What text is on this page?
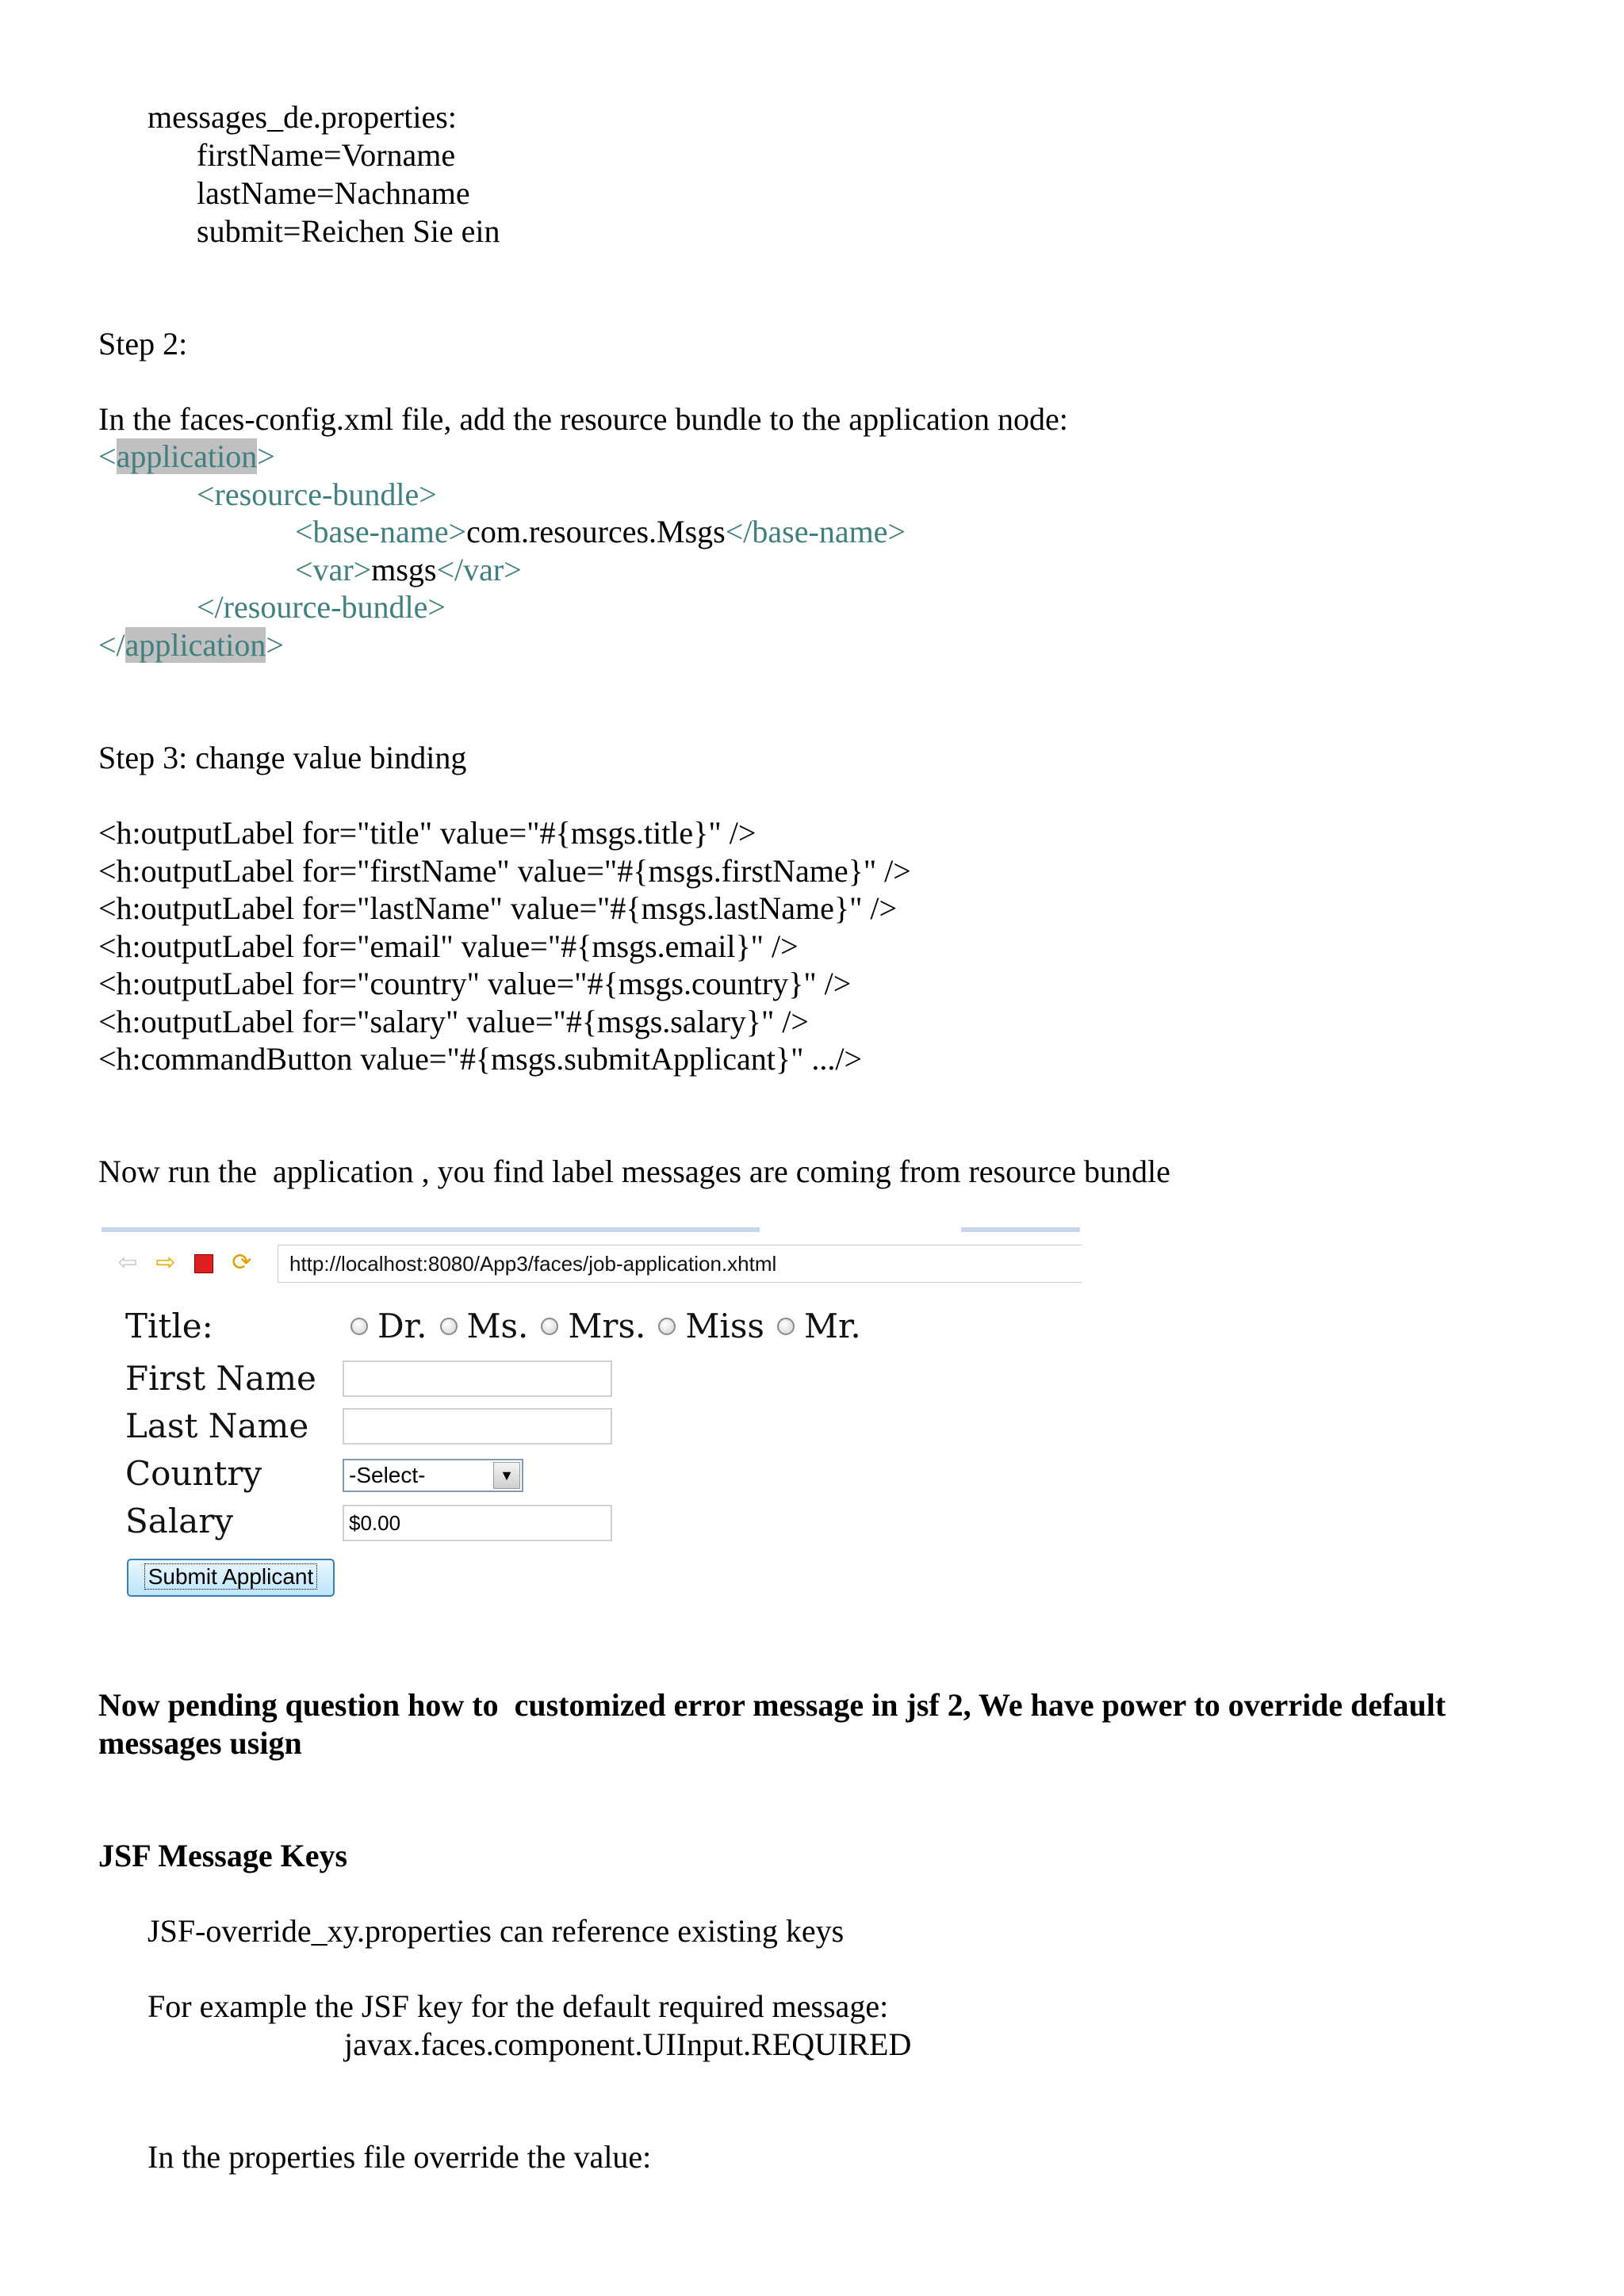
messages_de.properties:
firstName=Vorname
lastName=Nachname
submit=Reichen Sie ein
Step 2:
In the faces-config.xml file, add the resource bundle to the application node:
<application>
<resource-bundle>
<base-name>com.resources.Msgs</base-name>
<var>msgs</var>
</resource-bundle>
</application>
Step 3: change value binding
<h:outputLabel for="title" value="#{msgs.title}" />
<h:outputLabel for="firstName" value="#{msgs.firstName}" />
<h:outputLabel for="lastName" value="#{msgs.lastName}" />
<h:outputLabel for="email" value="#{msgs.email}" />
<h:outputLabel for="country" value="#{msgs.country}" />
<h:outputLabel for="salary" value="#{msgs.salary}" />
<h:commandButton value="#{msgs.submitApplicant}" .../>
Now run the  application , you find label messages are coming from resource bundle
⇦ ⇨ ⟳	http://localhost:8080/App3/faces/job-application.xhtml
Title:	Dr. Ms. Mrs. Miss Mr.
First Name
Last Name
Country	-Select-	▼
Salary	$0.00
Submit Applicant
Now pending question how to  customized error message in jsf 2, We have power to override default
messages usign
JSF Message Keys
JSF-override_xy.properties can reference existing keys
For example the JSF key for the default required message:
javax.faces.component.UIInput.REQUIRED
In the properties file override the value:
